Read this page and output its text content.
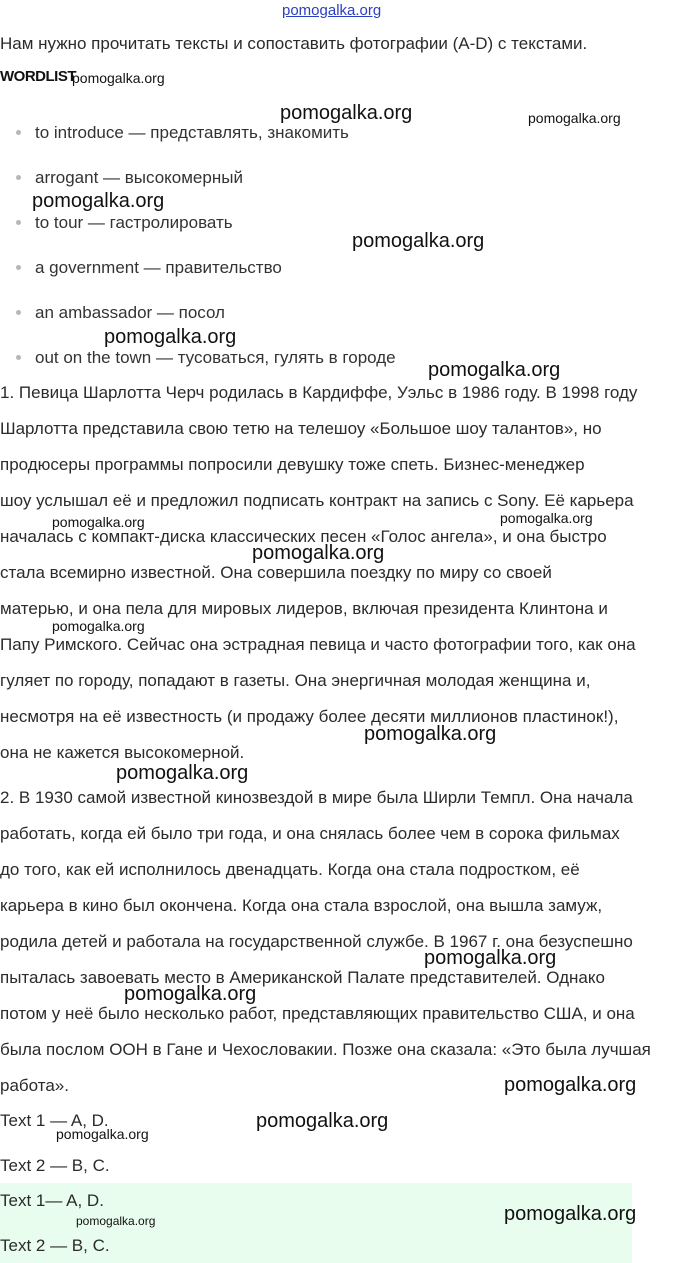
pomogalka.org
Нам нужно прочитать тексты и сопоставить фотографии (A-D) с текстами.
WORDLIST
to introduce — представлять, знакомить
arrogant — высокомерный
to tour — гастролировать
a government — правительство
an ambassador — посол
out on the town — тусоваться, гулять в городе
1. Певица Шарлотта Черч родилась в Кардиффе, Уэльс в 1986 году. В 1998 году
Шарлотта представила свою тетю на телешоу «Большое шоу талантов», но
продюсеры программы попросили девушку тоже спеть. Бизнес-менеджер
шоу услышал её и предложил подписать контракт на запись с Sony. Её карьера
началась с компакт-диска классических песен «Голос ангела», и она быстро
стала всемирно известной. Она совершила поездку по миру со своей
матерью, и она пела для мировых лидеров, включая президента Клинтона и
Папу Римского. Сейчас она эстрадная певица и часто фотографии того, как она
гуляет по городу, попадают в газеты. Она энергичная молодая женщина и,
несмотря на её известность (и продажу более десяти миллионов пластинок!),
она не кажется высокомерной.
2. В 1930 самой известной кинозвездой в мире была Ширли Темпл. Она начала
работать, когда ей было три года, и она снялась более чем в сорока фильмах
до того, как ей исполнилось двенадцать. Когда она стала подростком, её
карьера в кино был окончена. Когда она стала взрослой, она вышла замуж,
родила детей и работала на государственной службе. В 1967 г. она безуспешно
пыталась завоевать место в Американской Палате представителей. Однако
потом у неё было несколько работ, представляющих правительство США, и она
была послом ООН в Гане и Чехословакии. Позже она сказала: «Это была лучшая
работа».
Text 1 — A, D.
Text 2 — B, C.
Text 1— A, D.
Text 2 — B, C.
pomogalka.org
pomogalka.org	pomogalka.org
pomogalka.org
pomogalka.org
pomogalka.org
pomogalka.org
pomogalka.org	pomogalka.org
pomogalka.org
pomogalka.org
pomogalka.org
pomogalka.org
pomogalka.org
pomogalka.org
pomogalka.org
pomogalka.org
pomogalka.org
pomogalka.org
pomogalka.org
